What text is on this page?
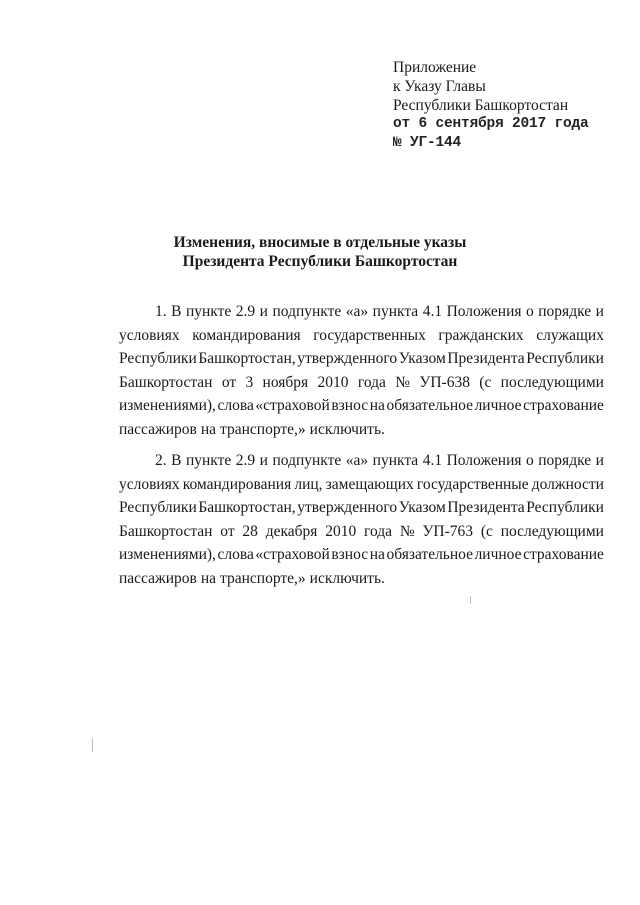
Приложение
к Указу Главы
Республики Башкортостан
от 6 сентября 2017 года
№ УГ-144
Изменения, вносимые в отдельные указы
Президента Республики Башкортостан
1. В пункте 2.9 и подпункте «а» пункта 4.1 Положения о порядке и
условиях командирования государственных гражданских служащих
Республики Башкортостан, утвержденного Указом Президента Республики
Башкортостан от 3 ноября 2010 года № УП-638 (с последующими
изменениями), слова «страховой взнос на обязательное личное страхование
пассажиров на транспорте,» исключить.
2. В пункте 2.9 и подпункте «а» пункта 4.1 Положения о порядке и
условиях командирования лиц, замещающих государственные должности
Республики Башкортостан, утвержденного Указом Президента Республики
Башкортостан от 28 декабря 2010 года № УП-763 (с последующими
изменениями), слова «страховой взнос на обязательное личное страхование
пассажиров на транспорте,» исключить.
